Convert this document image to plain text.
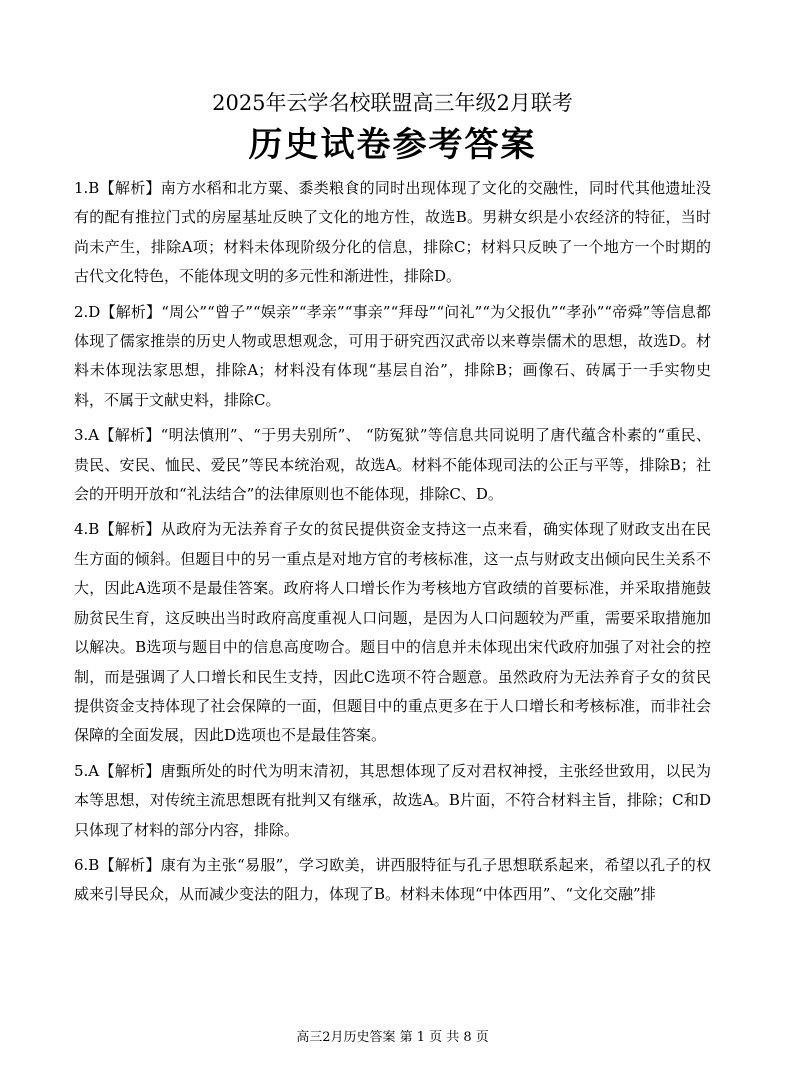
2025年云学名校联盟高三年级2月联考
历史试卷参考答案

1.B【解析】南方水稻和北方粟、黍类粮食的同时出现体现了文化的交融性，同时代其他遗址没有的配有推拉门式的房屋基址反映了文化的地方性，故选B。男耕女织是小农经济的特征，当时尚未产生，排除A项；材料未体现阶级分化的信息，排除C；材料只反映了一个地方一个时期的古代文化特色，不能体现文明的多元性和渐进性，排除D。

2.D【解析】“周公”“曾子”“娱亲”“孝亲”“事亲”“拜母”“问礼”“为父报仇”“孝孙”“帝舜”等信息都体现了儒家推崇的历史人物或思想观念，可用于研究西汉武帝以来尊崇儒术的思想，故选D。材料未体现法家思想，排除A；材料没有体现“基层自治”，排除B；画像石、砖属于一手实物史料，不属于文献史料，排除C。

3.A【解析】“明法慎刑”、“于男夫别所”、 “防冤狱”等信息共同说明了唐代蕴含朴素的“重民、贵民、安民、恤民、爱民”等民本统治观，故选A。材料不能体现司法的公正与平等，排除B；社会的开明开放和“礼法结合”的法律原则也不能体现，排除C、D。

4.B【解析】从政府为无法养育子女的贫民提供资金支持这一点来看，确实体现了财政支出在民生方面的倾斜。但题目中的另一重点是对地方官的考核标准，这一点与财政支出倾向民生关系不大，因此A选项不是最佳答案。政府将人口增长作为考核地方官政绩的首要标准，并采取措施鼓励贫民生育，这反映出当时政府高度重视人口问题，是因为人口问题较为严重，需要采取措施加以解决。B选项与题目中的信息高度吻合。题目中的信息并未体现出宋代政府加强了对社会的控制，而是强调了人口增长和民生支持，因此C选项不符合题意。虽然政府为无法养育子女的贫民提供资金支持体现了社会保障的一面，但题目中的重点更多在于人口增长和考核标准，而非社会保障的全面发展，因此D选项也不是最佳答案。

5.A【解析】唐甄所处的时代为明末清初，其思想体现了反对君权神授，主张经世致用，以民为本等思想，对传统主流思想既有批判又有继承，故选A。B片面，不符合材料主旨，排除；C和D只体现了材料的部分内容，排除。

6.B【解析】康有为主张“易服”，学习欧美，讲西服特征与孔子思想联系起来，希望以孔子的权威来引导民众，从而减少变法的阻力，体现了B。材料未体现“中体西用”、“文化交融”排

高三2月历史答案 第 1 页 共 8 页
